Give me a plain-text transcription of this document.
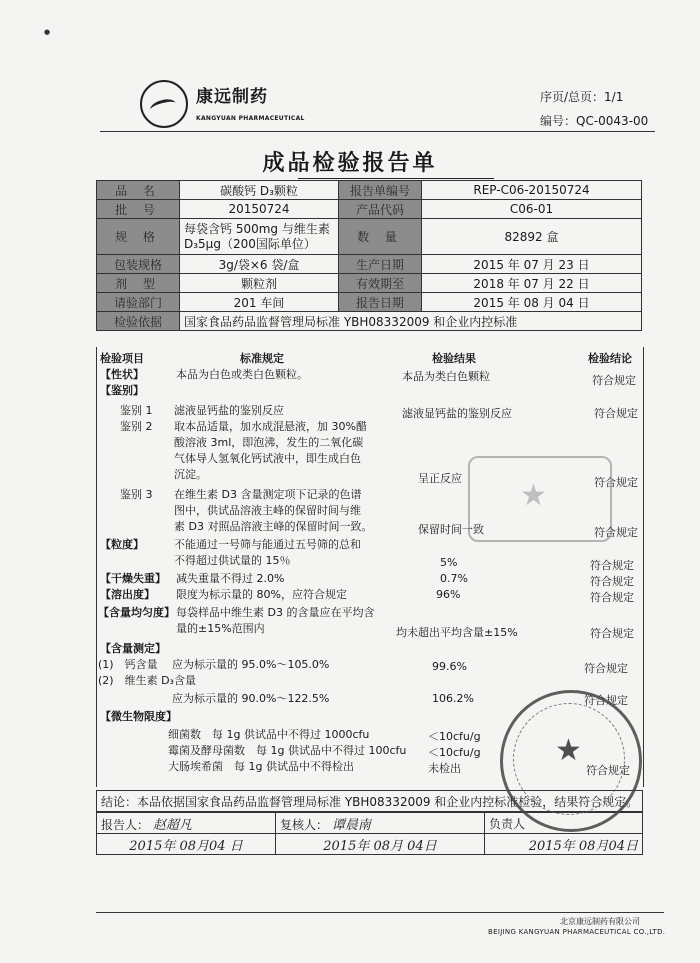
●
康远制药
KANGYUAN PHARMACEUTICAL
序页/总页：1/1
编号：QC-0043-00
成品检验报告单
品 名	碳酸钙 D₃颗粒	报告单编号	REP-C06-20150724
批 号	20150724	产品代码	C06-01
规 格	每袋含钙 500mg 与维生素 D₃5μg（200国际单位）	数 量	82892 盒
包装规格	3g/袋×6 袋/盒	生产日期	2015 年 07 月 23 日
剂 型	颗粒剂	有效期至	2018 年 07 月 22 日
请验部门	201 车间	报告日期	2015 年 08 月 04 日
检验依据	国家食品药品监督管理局标准 YBH08332009 和企业内控标准		
检验项目	标准规定	检验结果	检验结论
【性状】	本品为白色或类白色颗粒。	本品为类白色颗粒	符合规定
【鉴别】
鉴别 1 滤液显钙盐的鉴别反应	滤液显钙盐的鉴别反应	符合规定
鉴别 2 取本品适量，加水成混悬液，加 30%醋
酸溶液 3ml，即泡沸，发生的二氧化碳
气体导人氢氧化钙试液中，即生成白色
沉淀。	呈正反应	符合规定
★
鉴别 3 在维生素 D3 含量测定项下记录的色谱
图中，供试品溶液主峰的保留时间与维
素 D3 对照品溶液主峰的保留时间一致。	保留时间一致	符合规定
【粒度】	不能通过一号筛与能通过五号筛的总和
不得超过供试量的 15％	5%	符合规定
【干燥失重】 减失重量不得过 2.0%	0.7%	符合规定
【溶出度】 限度为标示量的 80%，应符合规定	96%	符合规定
【含量均匀度】 每袋样品中维生素 D3 的含量应在平均含
量的±15%范围内	均未超出平均含量±15%	符合规定
【含量测定】
(1)　钙含量 应为标示量的 95.0%～105.0%	99.6%	符合规定
(2)　维生素 D₃含量
应为标示量的 90.0%～122.5%	106.2%	符合规定
【微生物限度】
细菌数　每 1g 供试品中不得过 1000cfu	＜10cfu/g
霉菌及酵母菌数　每 1g 供试品中不得过 100cfu ＜10cfu/g
大肠埃希菌　每 1g 供试品中不得检出	未检出	符合规定
结论：本品依据国家食品药品监督管理局标准 YBH08332009 和企业内控标准检验，结果符合规定。
报告人： 赵超凡	复核人： 谭晨南	负责人
2015年 08月04 日	2015年 08月 04日	2015年 08月04日
★
北京康远制药有限公司
BEIJING KANGYUAN PHARMACEUTICAL CO.,LTD.
